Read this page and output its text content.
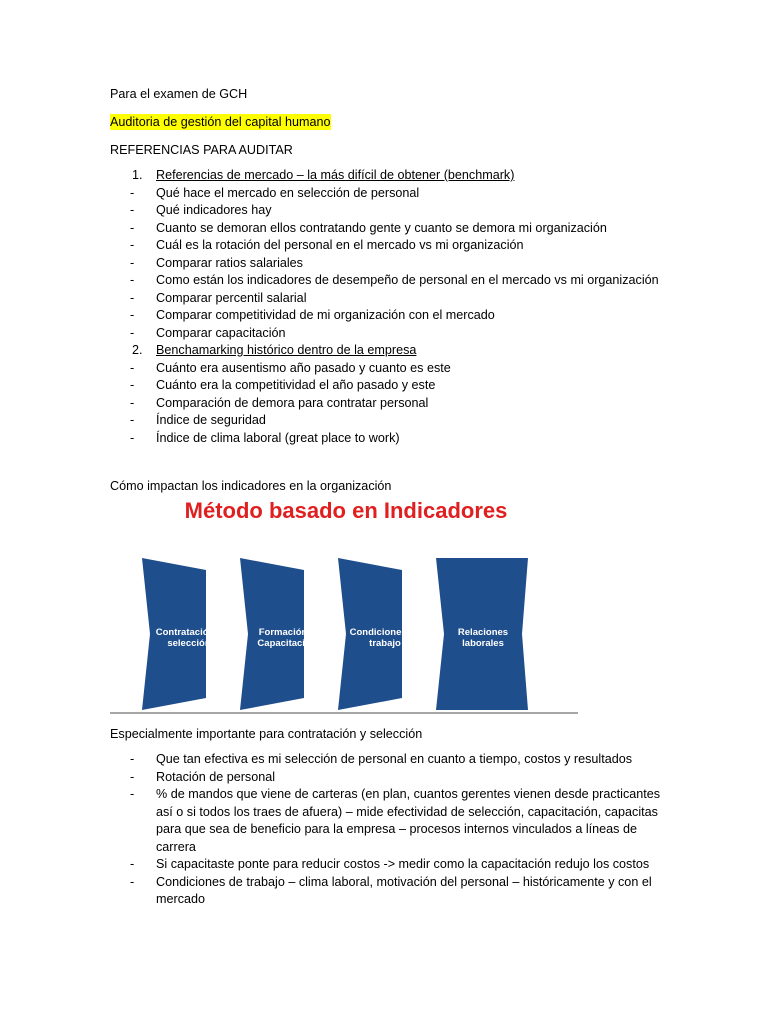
Para el examen de GCH
Auditoria de gestión del capital humano
REFERENCIAS PARA AUDITAR
1. Referencias de mercado – la más difícil de obtener (benchmark)
- Qué hace el mercado en selección de personal
- Qué indicadores hay
- Cuanto se demoran ellos contratando gente y cuanto se demora mi organización
- Cuál es la rotación del personal en el mercado vs mi organización
- Comparar ratios salariales
- Como están los indicadores de desempeño de personal en el mercado vs mi organización
- Comparar percentil salarial
- Comparar competitividad de mi organización con el mercado
- Comparar capacitación
2. Benchamarking histórico dentro de la empresa
- Cuánto era ausentismo año pasado y cuanto es este
- Cuánto era la competitividad el año pasado y este
- Comparación de demora para contratar personal
- Índice de seguridad
- Índice de clima laboral (great place to work)
Cómo impactan los indicadores en la organización
Método basado en Indicadores
Contratación y
selección
Formación y
Capacitación
Condiciones de
trabajo
Relaciones
laborales
Especialmente importante para contratación y selección
- Que tan efectiva es mi selección de personal en cuanto a tiempo, costos y resultados
- Rotación de personal
- % de mandos que viene de carteras (en plan, cuantos gerentes vienen desde practicantes así o si todos los traes de afuera) – mide efectividad de selección, capacitación, capacitas para que sea de beneficio para la empresa – procesos internos vinculados a líneas de carrera
- Si capacitaste ponte para reducir costos -> medir como la capacitación redujo los costos
- Condiciones de trabajo – clima laboral, motivación del personal – históricamente y con el mercado
